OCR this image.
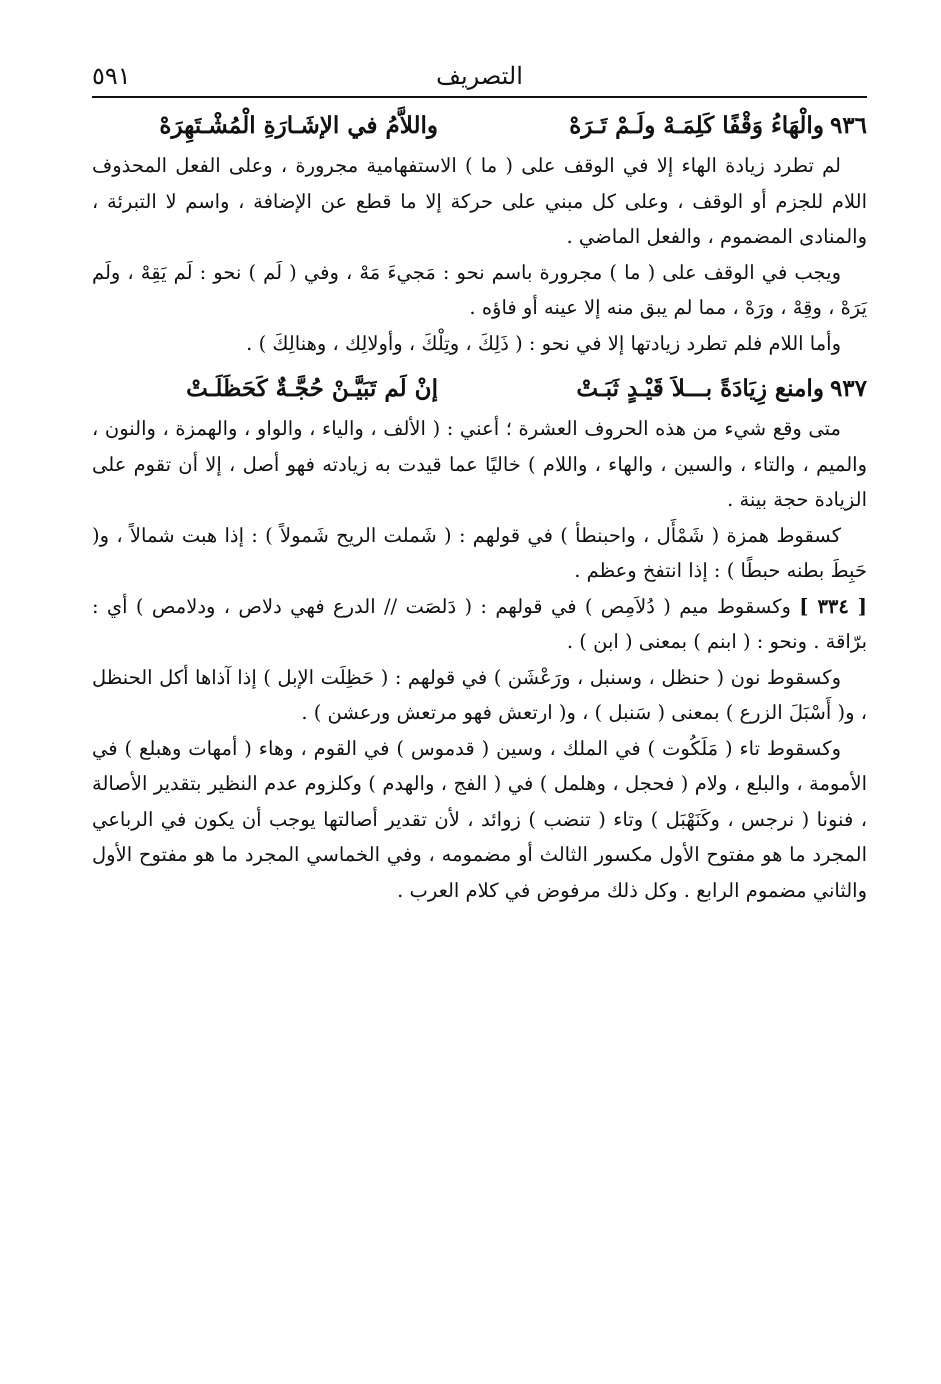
التصريف
٥٩١
٩٣٦
والْهَاءُ وَقْفًا كَلِمَـهْ ولَـمْ تَـرَهْ
واللاَّمُ في الإشَـارَةِ الْمُشْـتَهِرَهْ

لم تطرد زيادة الهاء إلا في الوقف على ( ما ) الاستفهامية مجرورة ، وعلى الفعل المحذوف اللام للجزم أو الوقف ، وعلى كل مبني على حركة إلا ما قطع عن الإضافة ، واسم لا التبرئة ، والمنادى المضموم ، والفعل الماضي .

ويجب في الوقف على ( ما ) مجرورة باسم نحو : مَجيءَ مَهْ ، وفي ( لَم ) نحو : لَم يَقِهْ ، ولَم يَرَهْ ، وقِهْ ، ورَهْ ، مما لم يبق منه إلا عينه أو فاؤه .

وأما اللام فلم تطرد زيادتها إلا في نحو : ( ذَلِكَ ، وتِلْكَ ، وأولالِك ، وهنالِكَ ) .

٩٣٧
وامنع زِيَادَةً بـــلاَ قَيْـدٍ ثَبَـتْ
إنْ لَم تَبَيَّـنْ حُجَّـةٌ كَحَظَلَـتْ

متى وقع شيء من هذه الحروف العشرة ؛ أعني : ( الألف ، والياء ، والواو ، والهمزة ، والنون ، والميم ، والتاء ، والسين ، والهاء ، واللام ) خاليًا عما قيدت به زيادته فهو أصل ، إلا أن تقوم على الزيادة حجة بينة .

كسقوط همزة ( شَمْأَل ، واحبنطأ ) في قولهم : ( شَملت الريح شَمولاً ) : إذا هبت شمالاً ، و( حَبِطَ بطنه حبطًا ) : إذا انتفخ وعظم .

[ ٣٣٤ ] وكسقوط ميم ( دُلاَمِص ) في قولهم : ( دَلصَت // الدرع فهي دلاص ، ودلامص ) أي : برّاقة . ونحو : ( ابنم ) بمعنى ( ابن ) .

وكسقوط نون ( حنظل ، وسنبل ، ورَعْشَن ) في قولهم : ( حَظِلَت الإبل ) إذا آذاها أكل الحنظل ، و( أَسْبَلَ الزرع ) بمعنى ( سَنبل ) ، و( ارتعش فهو مرتعش ورعشن ) .

وكسقوط تاء ( مَلَكُوت ) في الملك ، وسين ( قدموس ) في القوم ، وهاء ( أمهات وهبلع ) في الأمومة ، والبلع ، ولام ( فحجل ، وهلمل ) في ( الفج ، والهدم ) وكلزوم عدم النظير بتقدير الأصالة ، فنونا ( نرجس ، وكَنَهْبَل ) وتاء ( تنضب ) زوائد ، لأن تقدير أصالتها يوجب أن يكون في الرباعي المجرد ما هو مفتوح الأول مكسور الثالث أو مضمومه ، وفي الخماسي المجرد ما هو مفتوح الأول والثاني مضموم الرابع . وكل ذلك مرفوض في كلام العرب .
